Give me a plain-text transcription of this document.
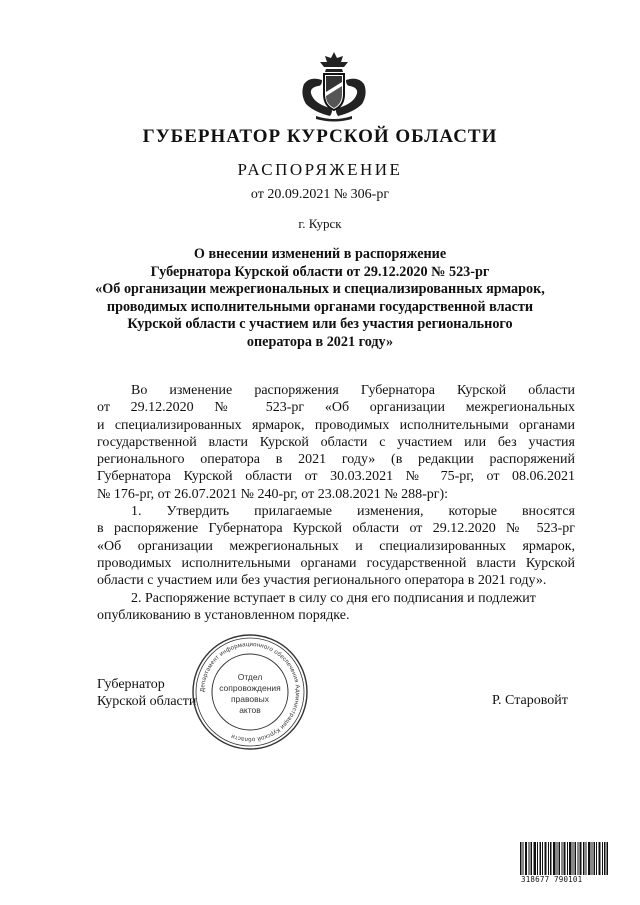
ГУБЕРНАТОР КУРСКОЙ ОБЛАСТИ
РАСПОРЯЖЕНИЕ
от 20.09.2021 № 306-рг
г. Курск
О внесении изменений в распоряжение
Губернатора Курской области от 29.12.2020 № 523-рг
«Об организации межрегиональных и специализированных ярмарок,
проводимых исполнительными органами государственной власти
Курской области с участием или без участия регионального
оператора в 2021 году»
Во изменение распоряжения Губернатора Курской области
от 29.12.2020 № 523-рг «Об организации межрегиональных
и специализированных ярмарок, проводимых исполнительными органами
государственной власти Курской области с участием или без участия
регионального оператора в 2021 году» (в редакции распоряжений
Губернатора Курской области от 30.03.2021 № 75-рг, от 08.06.2021
№ 176-рг, от 26.07.2021 № 240-рг, от 23.08.2021 № 288-рг):
1. Утвердить прилагаемые изменения, которые вносятся
в распоряжение Губернатора Курской области от 29.12.2020 № 523-рг
«Об организации межрегиональных и специализированных ярмарок,
проводимых исполнительными органами государственной власти Курской
области с участием или без участия регионального оператора в 2021 году».
2. Распоряжение вступает в силу со дня его подписания и подлежит
опубликованию в установленном порядке.
Губернатор
Курской области
Департамент информационного обеспечения Администрации Курской области
Отдел
сопровождения
правовых
актов
Р. Старовойт
318677 790101
